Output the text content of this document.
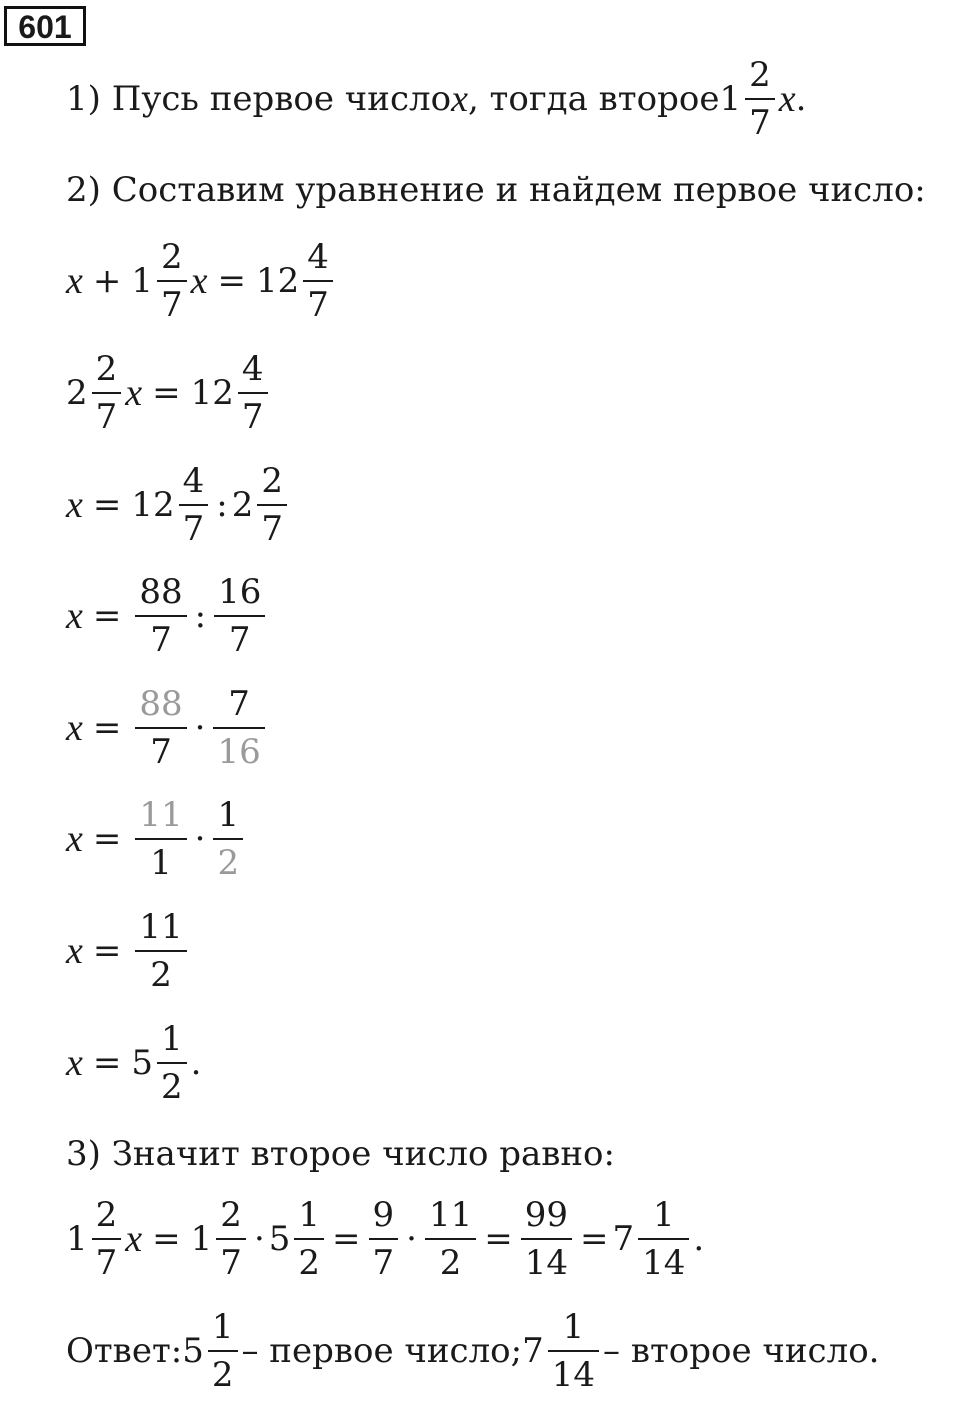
601
1) Пусь первое число x , тогда второе $1 \frac{2}{7}$ x .
2) Составим уравнение и найдем первое число:
$x + 1 \frac{2}{7}$ $x = 12 \frac{4}{7}$
$2 \frac{2}{7}$ $x = 12 \frac{4}{7}$
$x = 12 \frac{4}{7}$ : $2 \frac{2}{7}$
$x = \frac{88}{7}$ : $\frac{16}{7}$
$x = \frac{88}{7} \cdot \frac{7}{16}$
$x = \frac{11}{1} \cdot \frac{1}{2}$
$x = \frac{11}{2}$
$x = 5 \frac{1}{2}$ .
3) Значит второе число равно:
$1 \frac{2}{7}$ $x = 1 \frac{2}{7} \cdot 5 \frac{1}{2} = \frac{9}{7} \cdot \frac{11}{2} = \frac{99}{14} = 7 \frac{1}{14}$ .
Ответ: $5 \frac{1}{2}$ – первое число; $7 \frac{1}{14}$ – второе число.
